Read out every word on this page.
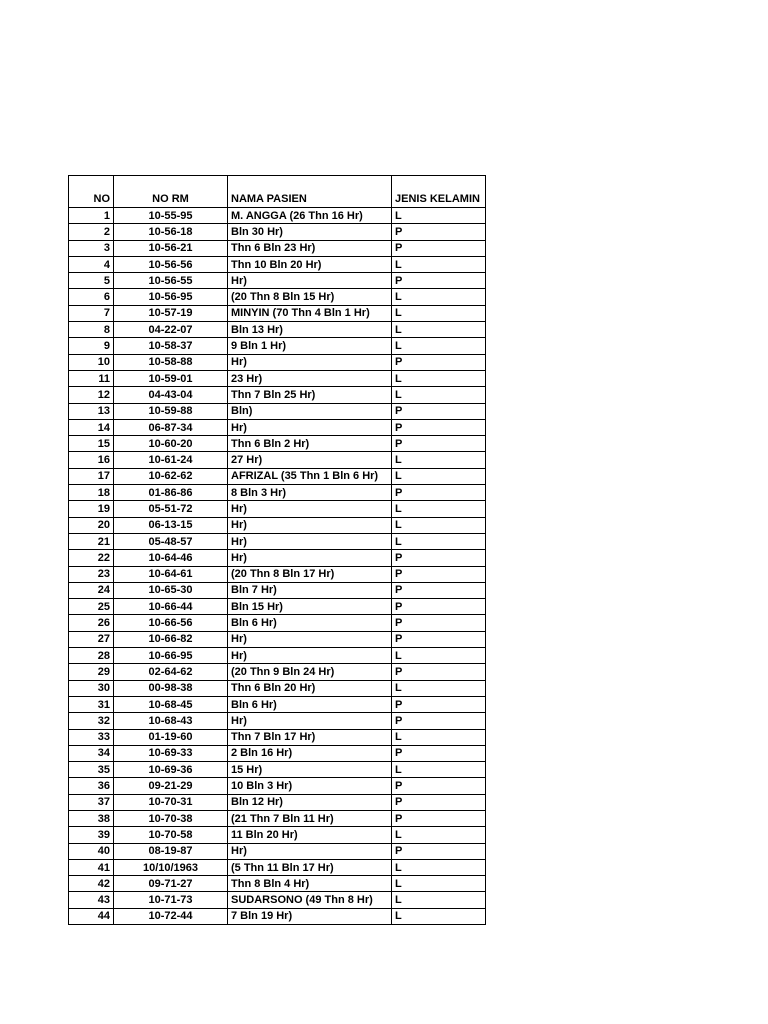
NO	NO RM	NAMA PASIEN	JENIS KELAMIN
1	10-55-95	M. ANGGA (26 Thn 16 Hr)	L
2	10-56-18	Bln 30 Hr)	P
3	10-56-21	Thn 6 Bln 23 Hr)	P
4	10-56-56	Thn 10 Bln 20 Hr)	L
5	10-56-55	Hr)	P
6	10-56-95	(20 Thn 8 Bln 15 Hr)	L
7	10-57-19	MINYIN (70 Thn 4 Bln 1 Hr)	L
8	04-22-07	Bln 13 Hr)	L
9	10-58-37	9 Bln 1 Hr)	L
10	10-58-88	Hr)	P
11	10-59-01	23 Hr)	L
12	04-43-04	Thn 7 Bln 25 Hr)	L
13	10-59-88	Bln)	P
14	06-87-34	Hr)	P
15	10-60-20	Thn 6 Bln 2 Hr)	P
16	10-61-24	27 Hr)	L
17	10-62-62	AFRIZAL (35 Thn 1 Bln 6 Hr)	L
18	01-86-86	8 Bln 3 Hr)	P
19	05-51-72	Hr)	L
20	06-13-15	Hr)	L
21	05-48-57	Hr)	L
22	10-64-46	Hr)	P
23	10-64-61	(20 Thn 8 Bln 17 Hr)	P
24	10-65-30	Bln 7 Hr)	P
25	10-66-44	Bln 15 Hr)	P
26	10-66-56	Bln 6 Hr)	P
27	10-66-82	Hr)	P
28	10-66-95	Hr)	L
29	02-64-62	(20 Thn 9 Bln 24 Hr)	P
30	00-98-38	Thn 6 Bln 20 Hr)	L
31	10-68-45	Bln 6 Hr)	P
32	10-68-43	Hr)	P
33	01-19-60	Thn 7 Bln 17 Hr)	L
34	10-69-33	2 Bln 16 Hr)	P
35	10-69-36	15 Hr)	L
36	09-21-29	10 Bln 3 Hr)	P
37	10-70-31	Bln 12 Hr)	P
38	10-70-38	(21 Thn 7 Bln 11 Hr)	P
39	10-70-58	11 Bln 20 Hr)	L
40	08-19-87	Hr)	P
41	10/10/1963	(5 Thn 11 Bln 17 Hr)	L
42	09-71-27	Thn 8 Bln 4 Hr)	L
43	10-71-73	SUDARSONO (49 Thn 8 Hr)	L
44	10-72-44	7 Bln 19 Hr)	L
